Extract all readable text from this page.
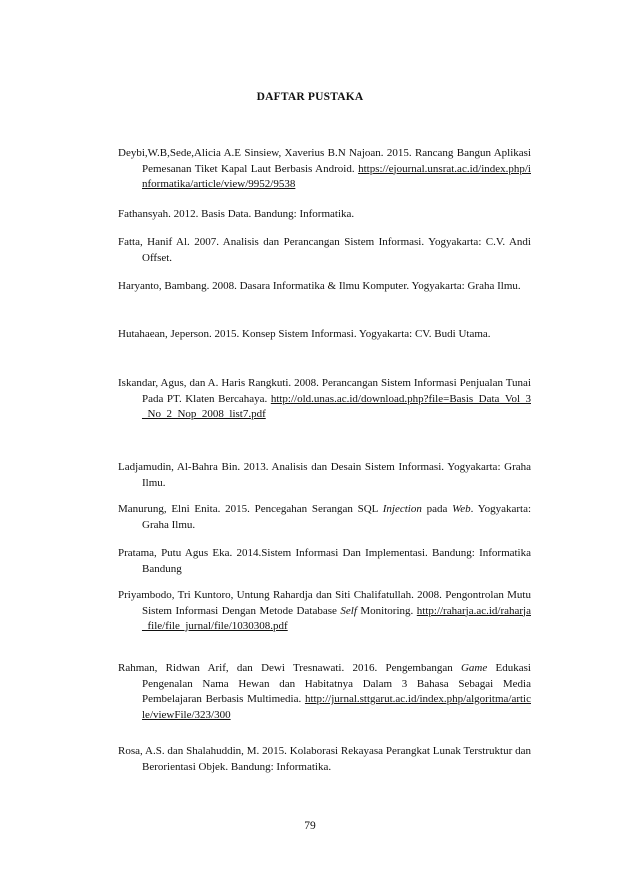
DAFTAR PUSTAKA
Deybi,W.B,Sede,Alicia A.E Sinsiew, Xaverius B.N Najoan. 2015. Rancang Bangun Aplikasi Pemesanan Tiket Kapal Laut Berbasis Android. https://ejournal.unsrat.ac.id/index.php/informatika/article/view/9952/9538
Fathansyah. 2012. Basis Data. Bandung: Informatika.
Fatta, Hanif Al. 2007. Analisis dan Perancangan Sistem Informasi. Yogyakarta: C.V. Andi Offset.
Haryanto, Bambang. 2008. Dasara Informatika & Ilmu Komputer. Yogyakarta: Graha Ilmu.
Hutahaean, Jeperson. 2015. Konsep Sistem Informasi. Yogyakarta: CV. Budi Utama.
Iskandar, Agus, dan A. Haris Rangkuti. 2008. Perancangan Sistem Informasi Penjualan Tunai Pada PT. Klaten Bercahaya. http://old.unas.ac.id/download.php?file=Basis_Data_Vol_3_No_2_Nop_2008_list7.pdf
Ladjamudin, Al-Bahra Bin. 2013. Analisis dan Desain Sistem Informasi. Yogyakarta: Graha Ilmu.
Manurung, Elni Enita. 2015. Pencegahan Serangan SQL Injection pada Web. Yogyakarta: Graha Ilmu.
Pratama, Putu Agus Eka. 2014.Sistem Informasi Dan Implementasi. Bandung: Informatika Bandung
Priyambodo, Tri Kuntoro, Untung Rahardja dan Siti Chalifatullah. 2008. Pengontrolan Mutu Sistem Informasi Dengan Metode Database Self Monitoring. http://raharja.ac.id/raharja_file/file_jurnal/file/1030308.pdf
Rahman, Ridwan Arif, dan Dewi Tresnawati. 2016. Pengembangan Game Edukasi Pengenalan Nama Hewan dan Habitatnya Dalam 3 Bahasa Sebagai Media Pembelajaran Berbasis Multimedia. http://jurnal.sttgarut.ac.id/index.php/algoritma/article/viewFile/323/300
Rosa, A.S. dan Shalahuddin, M. 2015. Kolaborasi Rekayasa Perangkat Lunak Terstruktur dan Berorientasi Objek. Bandung: Informatika.
79
